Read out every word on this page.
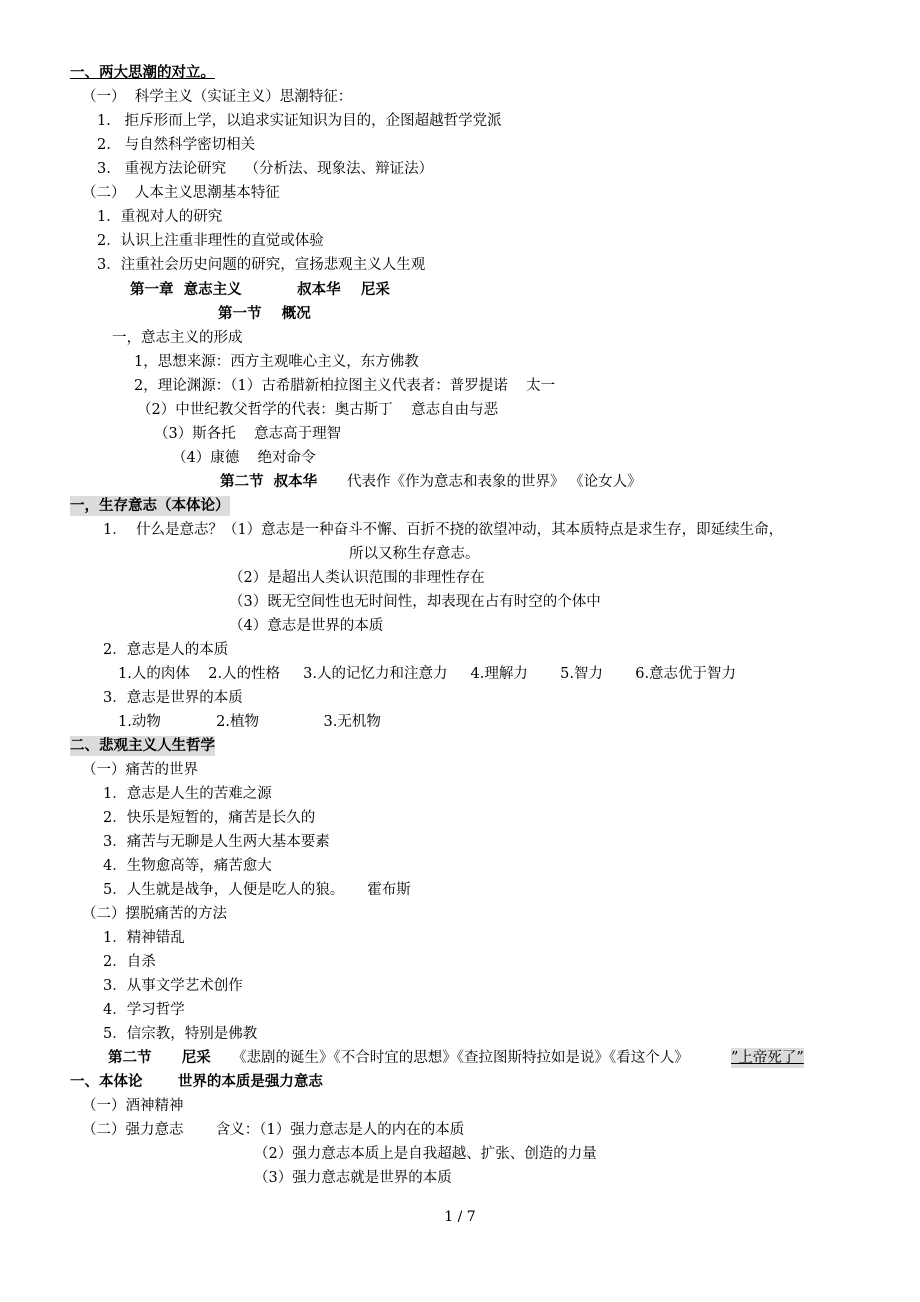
一、两大思潮的对立。
（一）  科学主义（实证主义）思潮特征：
1.   拒斥形而上学，以追求实证知识为目的，企图超越哲学党派
2.   与自然科学密切相关
3.   重视方法论研究    （分析法、现象法、辩证法）
（二）  人本主义思潮基本特征
1．重视对人的研究
2．认识上注重非理性的直觉或体验
3．注重社会历史问题的研究，宣扬悲观主义人生观
第一章  意志主义           叔本华    尼采
第一节    概况
一，意志主义的形成
1，思想来源：西方主观唯心主义，东方佛教
2，理论渊源：（1）古希腊新柏拉图主义代表者：普罗提诺    太一
（2）中世纪教父哲学的代表：奥古斯丁    意志自由与恶
（3）斯各托    意志高于理智
（4）康德    绝对命令
第二节  叔本华 代表作《作为意志和表象的世界》 《论女人》
一，生存意志（本体论）
1．  什么是意志？（1）意志是一种奋斗不懈、百折不挠的欲望冲动，其本质特点是求生存，即延续生命，
所以又称生存意志。
（2）是超出人类认识范围的非理性存在
（3）既无空间性也无时间性，却表现在占有时空的个体中
（4）意志是世界的本质
2．意志是人的本质
1.人的肉体    2.人的性格     3.人的记忆力和注意力     4.理解力       5.智力       6.意志优于智力
3．意志是世界的本质
1.动物            2.植物              3.无机物
二、悲观主义人生哲学
（一）痛苦的世界
1．意志是人生的苦难之源
2．快乐是短暂的，痛苦是长久的
3．痛苦与无聊是人生两大基本要素
4．生物愈高等，痛苦愈大
5．人生就是战争，人便是吃人的狼。     霍布斯
（二）摆脱痛苦的方法
1．精神错乱
2．自杀
3．从事文学艺术创作
4．学习哲学
5．信宗教，特别是佛教
第二节      尼采 《悲剧的诞生》《不合时宜的思想》《查拉图斯特拉如是说》《看这个人》	”上帝死了”
一、本体论       世界的本质是强力意志
（一）酒神精神
（二）强力意志       含义：（1）强力意志是人的内在的本质
（2）强力意志本质上是自我超越、扩张、创造的力量
（3）强力意志就是世界的本质
1 / 7
